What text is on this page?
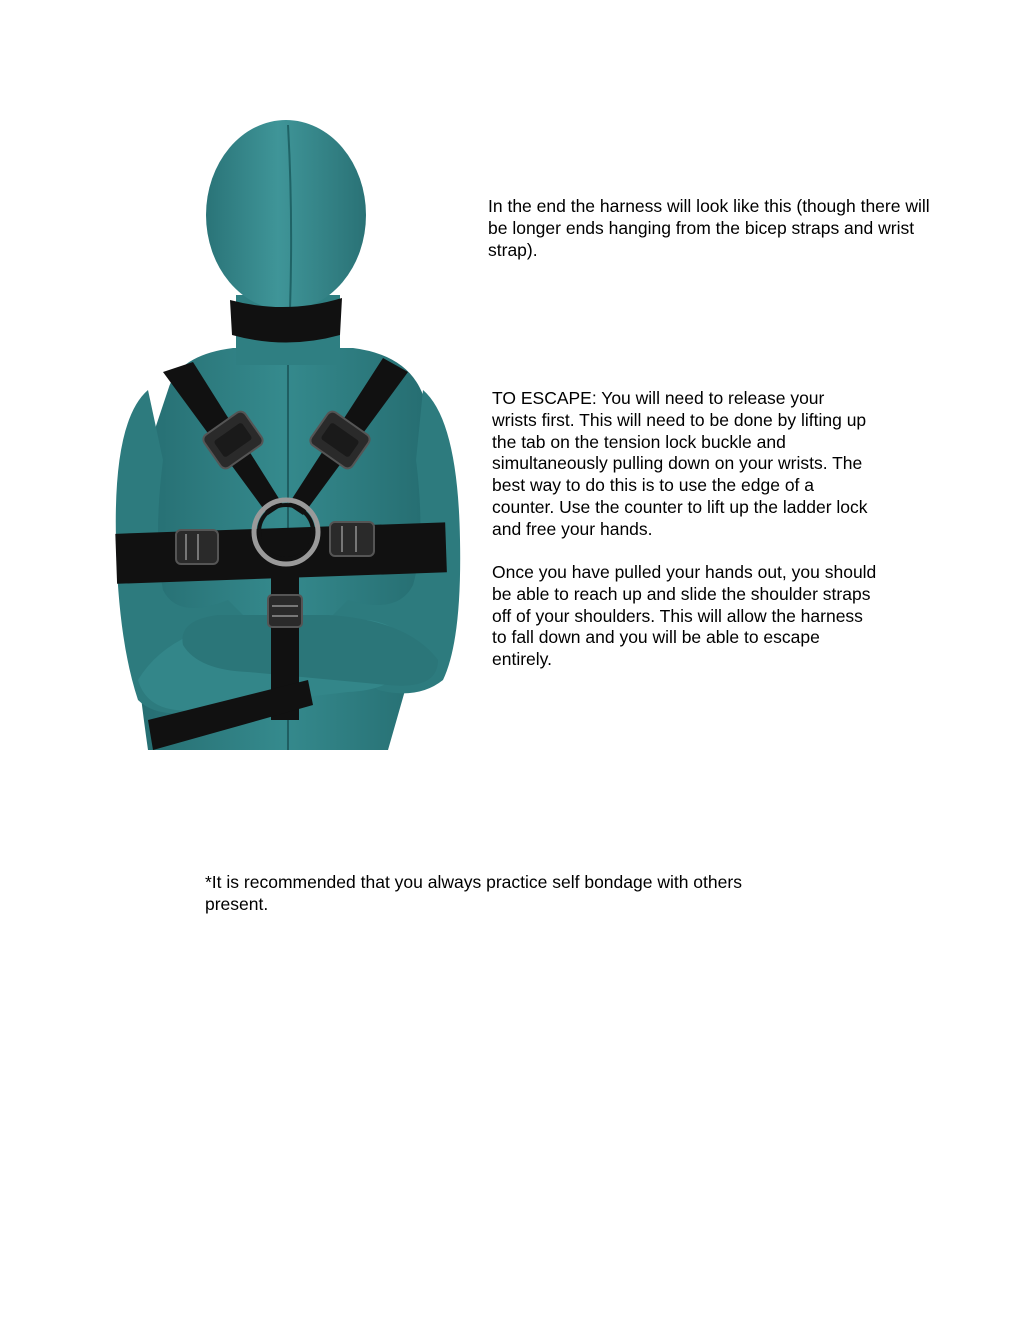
In the end the harness will look like this (though there will
be longer ends hanging from the bicep straps and wrist
strap).

TO ESCAPE: You will need to release your
wrists first. This will need to be done by lifting up
the tab on the tension lock buckle and
simultaneously pulling down on your wrists. The
best way to do this is to use the edge of a
counter. Use the counter to lift up the ladder lock
and free your hands.

Once you have pulled your hands out, you should
be able to reach up and slide the shoulder straps
off of your shoulders. This will allow the harness
to fall down and you will be able to escape
entirely.

*It is recommended that you always practice self bondage with others
present.
